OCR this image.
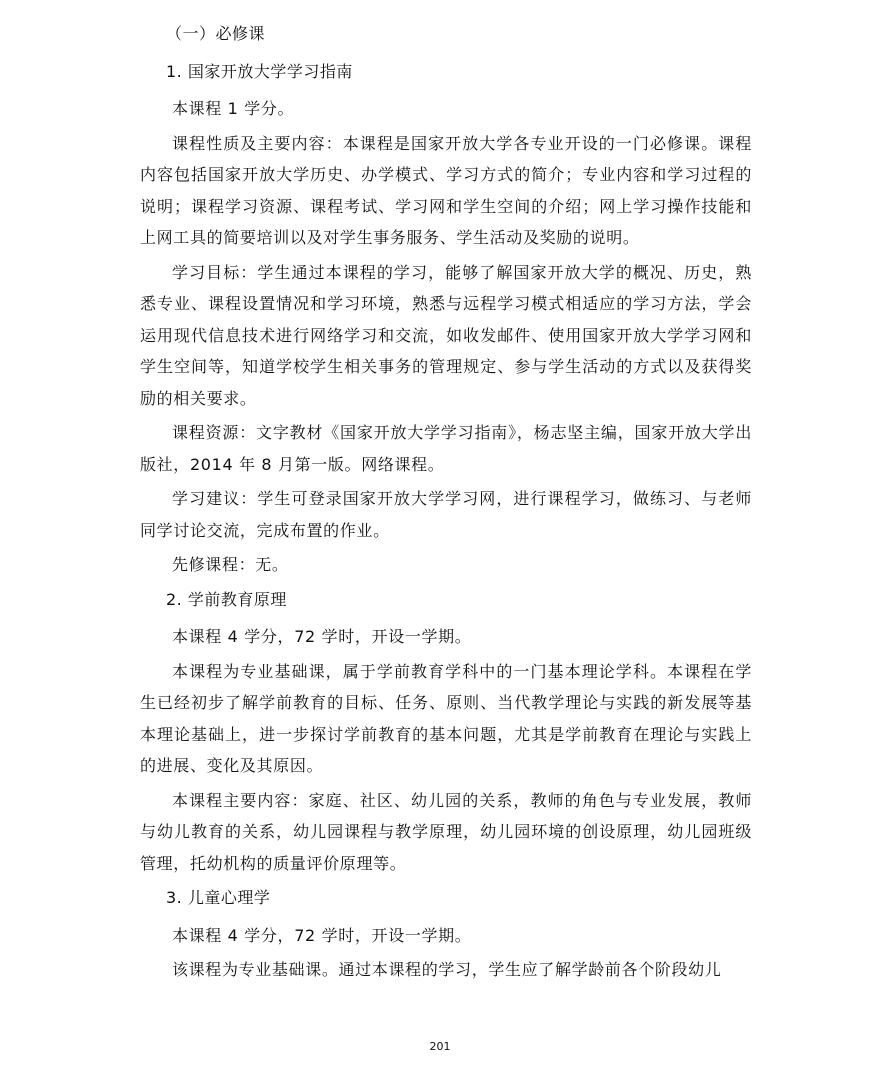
（一）必修课
1. 国家开放大学学习指南

本课程 1 学分。

课程性质及主要内容：本课程是国家开放大学各专业开设的一门必修课。课程内容包括国家开放大学历史、办学模式、学习方式的简介；专业内容和学习过程的说明；课程学习资源、课程考试、学习网和学生空间的介绍；网上学习操作技能和上网工具的简要培训以及对学生事务服务、学生活动及奖励的说明。

学习目标：学生通过本课程的学习，能够了解国家开放大学的概况、历史，熟悉专业、课程设置情况和学习环境，熟悉与远程学习模式相适应的学习方法，学会运用现代信息技术进行网络学习和交流，如收发邮件、使用国家开放大学学习网和学生空间等，知道学校学生相关事务的管理规定、参与学生活动的方式以及获得奖励的相关要求。

课程资源：文字教材《国家开放大学学习指南》，杨志坚主编，国家开放大学出版社，2014 年 8 月第一版。网络课程。

学习建议：学生可登录国家开放大学学习网，进行课程学习，做练习、与老师同学讨论交流，完成布置的作业。

先修课程：无。

2. 学前教育原理

本课程 4 学分，72 学时，开设一学期。

本课程为专业基础课，属于学前教育学科中的一门基本理论学科。本课程在学生已经初步了解学前教育的目标、任务、原则、当代教学理论与实践的新发展等基本理论基础上，进一步探讨学前教育的基本问题，尤其是学前教育在理论与实践上的进展、变化及其原因。

本课程主要内容：家庭、社区、幼儿园的关系，教师的角色与专业发展，教师与幼儿教育的关系，幼儿园课程与教学原理，幼儿园环境的创设原理，幼儿园班级管理，托幼机构的质量评价原理等。

3. 儿童心理学

本课程 4 学分，72 学时，开设一学期。

该课程为专业基础课。通过本课程的学习，学生应了解学龄前各个阶段幼儿

201
